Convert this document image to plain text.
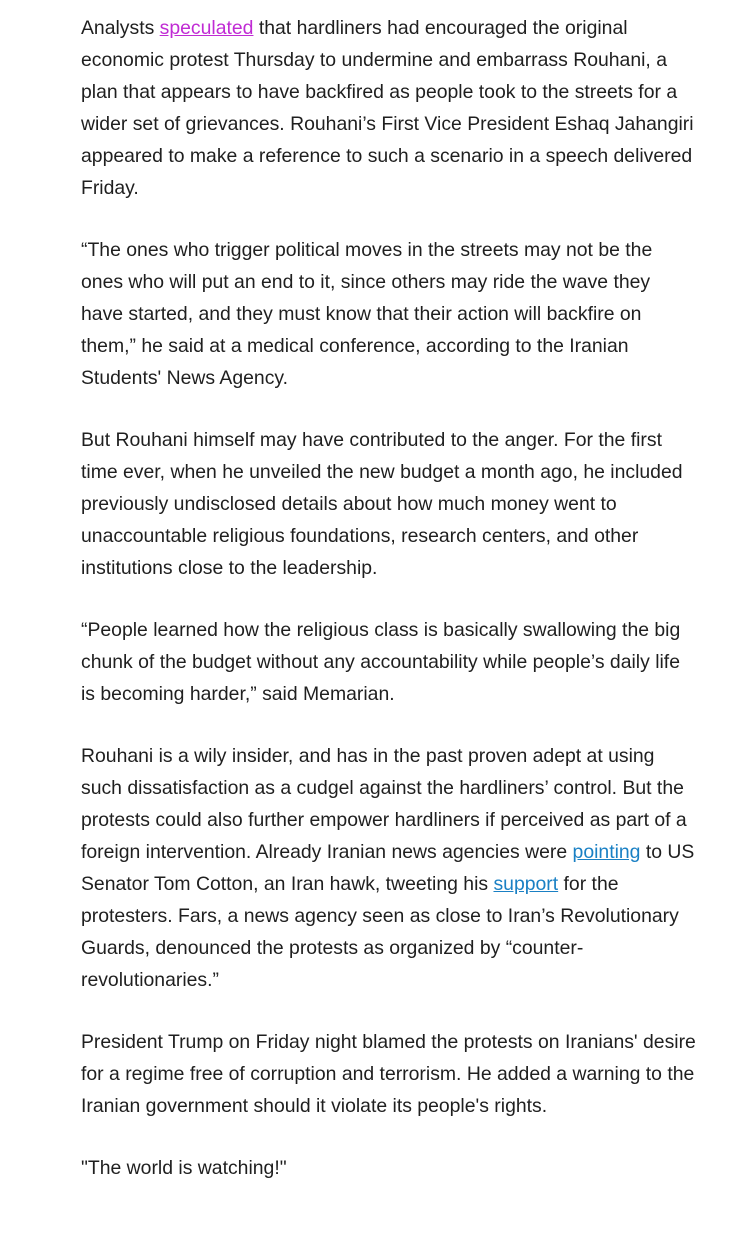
Analysts speculated that hardliners had encouraged the original economic protest Thursday to undermine and embarrass Rouhani, a plan that appears to have backfired as people took to the streets for a wider set of grievances. Rouhani’s First Vice President Eshaq Jahangiri appeared to make a reference to such a scenario in a speech delivered Friday.

“The ones who trigger political moves in the streets may not be the ones who will put an end to it, since others may ride the wave they have started, and they must know that their action will backfire on them,” he said at a medical conference, according to the Iranian Students' News Agency.

But Rouhani himself may have contributed to the anger. For the first time ever, when he unveiled the new budget a month ago, he included previously undisclosed details about how much money went to unaccountable religious foundations, research centers, and other institutions close to the leadership.

“People learned how the religious class is basically swallowing the big chunk of the budget without any accountability while people’s daily life is becoming harder,” said Memarian.

Rouhani is a wily insider, and has in the past proven adept at using such dissatisfaction as a cudgel against the hardliners’ control. But the protests could also further empower hardliners if perceived as part of a foreign intervention. Already Iranian news agencies were pointing to US Senator Tom Cotton, an Iran hawk, tweeting his support for the protesters. Fars, a news agency seen as close to Iran’s Revolutionary Guards, denounced the protests as organized by “counter-revolutionaries.”

President Trump on Friday night blamed the protests on Iranians' desire for a regime free of corruption and terrorism. He added a warning to the Iranian government should it violate its people's rights.

"The world is watching!"
